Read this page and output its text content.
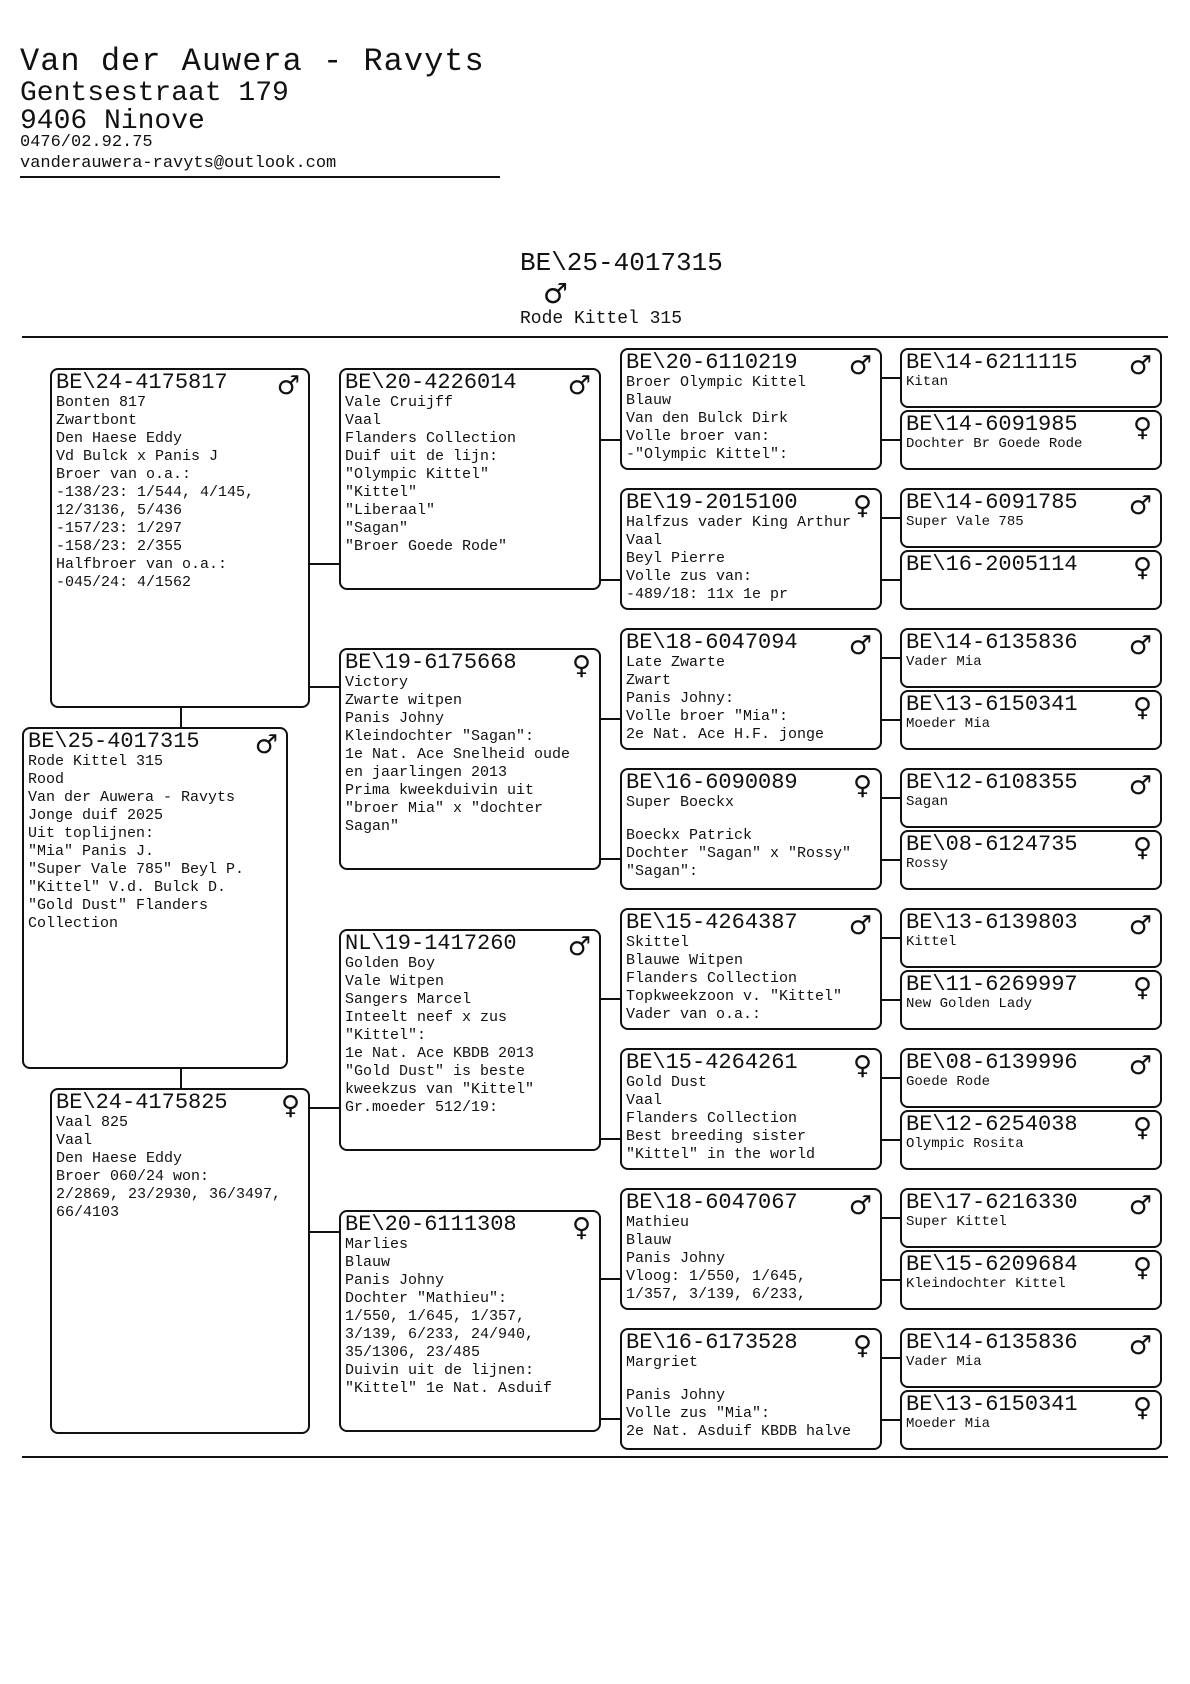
Van der Auwera - Ravyts
Gentsestraat 179
9406 Ninove
0476/02.92.75
vanderauwera-ravyts@outlook.com
BE\25-4017315
♂
Rode Kittel 315
BE\25-4017315	♂
Rode Kittel 315
Rood
Van der Auwera - Ravyts
Jonge duif 2025
Uit toplijnen:
"Mia" Panis J.
"Super Vale 785" Beyl P.
"Kittel" V.d. Bulck D.
"Gold Dust" Flanders
Collection
BE\24-4175817	♂
Bonten 817
Zwartbont
Den Haese Eddy
Vd Bulck x Panis J
Broer van o.a.:
-138/23: 1/544, 4/145,
12/3136, 5/436
-157/23: 1/297
-158/23: 2/355
Halfbroer van o.a.:
-045/24: 4/1562
BE\24-4175825	♀
Vaal 825
Vaal
Den Haese Eddy
Broer 060/24 won:
2/2869, 23/2930, 36/3497,
66/4103
BE\20-4226014	♂
Vale Cruijff
Vaal
Flanders Collection
Duif uit de lijn:
"Olympic Kittel"
"Kittel"
"Liberaal"
"Sagan"
"Broer Goede Rode"
BE\19-6175668	♀
Victory
Zwarte witpen
Panis Johny
Kleindochter "Sagan":
1e Nat. Ace Snelheid oude
en jaarlingen 2013
Prima kweekduivin uit
"broer Mia" x "dochter
Sagan"
NL\19-1417260	♂
Golden Boy
Vale Witpen
Sangers Marcel
Inteelt neef x zus
"Kittel":
1e Nat. Ace KBDB 2013
"Gold Dust" is beste
kweekzus van "Kittel"
Gr.moeder 512/19:
BE\20-6111308	♀
Marlies
Blauw
Panis Johny
Dochter "Mathieu":
1/550, 1/645, 1/357,
3/139, 6/233, 24/940,
35/1306, 23/485
Duivin uit de lijnen:
"Kittel" 1e Nat. Asduif
BE\20-6110219	♂
Broer Olympic Kittel
Blauw
Van den Bulck Dirk
Volle broer van:
-"Olympic Kittel":
BE\19-2015100	♀
Halfzus vader King Arthur
Vaal
Beyl Pierre
Volle zus van:
-489/18: 11x 1e pr
BE\18-6047094	♂
Late Zwarte
Zwart
Panis Johny:
Volle broer "Mia":
2e Nat. Ace H.F. jonge
BE\16-6090089	♀
Super Boeckx
Boeckx Patrick
Dochter "Sagan" x "Rossy"
"Sagan":
BE\15-4264387	♂
Skittel
Blauwe Witpen
Flanders Collection
Topkweekzoon v. "Kittel"
Vader van o.a.:
BE\15-4264261	♀
Gold Dust
Vaal
Flanders Collection
Best breeding sister
"Kittel" in the world
BE\18-6047067	♂
Mathieu
Blauw
Panis Johny
Vloog: 1/550, 1/645,
1/357, 3/139, 6/233,
BE\16-6173528	♀
Margriet
Panis Johny
Volle zus "Mia":
2e Nat. Asduif KBDB halve
BE\14-6211115	♂
Kitan
BE\14-6091985	♀
Dochter Br Goede Rode
BE\14-6091785	♂
Super Vale 785
BE\16-2005114	♀
BE\14-6135836	♂
Vader Mia
BE\13-6150341	♀
Moeder Mia
BE\12-6108355	♂
Sagan
BE\08-6124735	♀
Rossy
BE\13-6139803	♂
Kittel
BE\11-6269997	♀
New Golden Lady
BE\08-6139996	♂
Goede Rode
BE\12-6254038	♀
Olympic Rosita
BE\17-6216330	♂
Super Kittel
BE\15-6209684	♀
Kleindochter Kittel
BE\14-6135836	♂
Vader Mia
BE\13-6150341	♀
Moeder Mia
